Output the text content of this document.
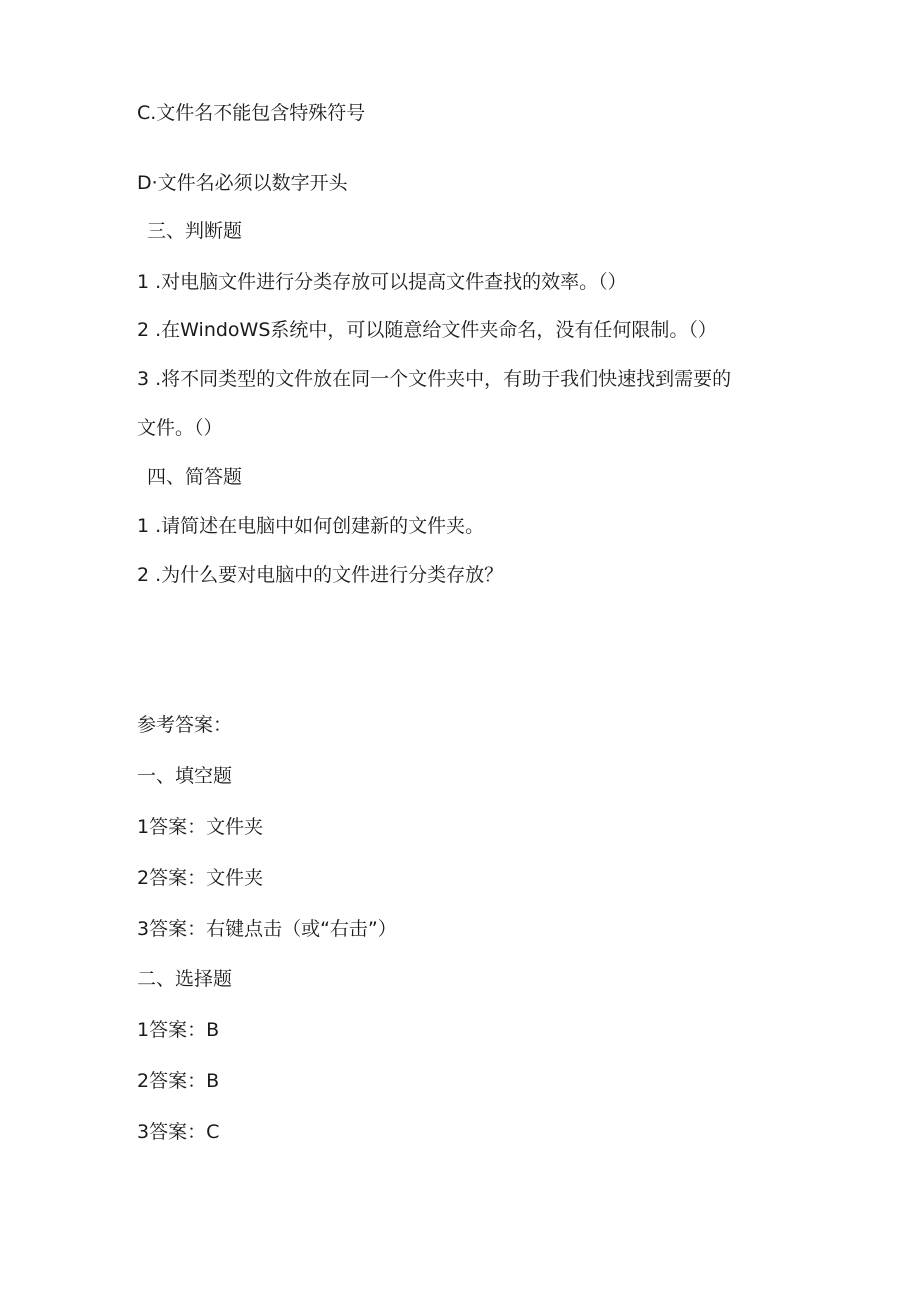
C.文件名不能包含特殊符号
D·文件名必须以数字开头
三、判断题
1 .对电脑文件进行分类存放可以提高文件查找的效率。（）
2 .在WindoWS系统中，可以随意给文件夹命名，没有任何限制。（）
3 .将不同类型的文件放在同一个文件夹中，有助于我们快速找到需要的
文件。（）
四、简答题
1 .请简述在电脑中如何创建新的文件夹。
2 .为什么要对电脑中的文件进行分类存放？
参考答案：
一、填空题
1答案：文件夹
2答案：文件夹
3答案：右键点击（或“右击”）
二、选择题
1答案：B
2答案：B
3答案：C
